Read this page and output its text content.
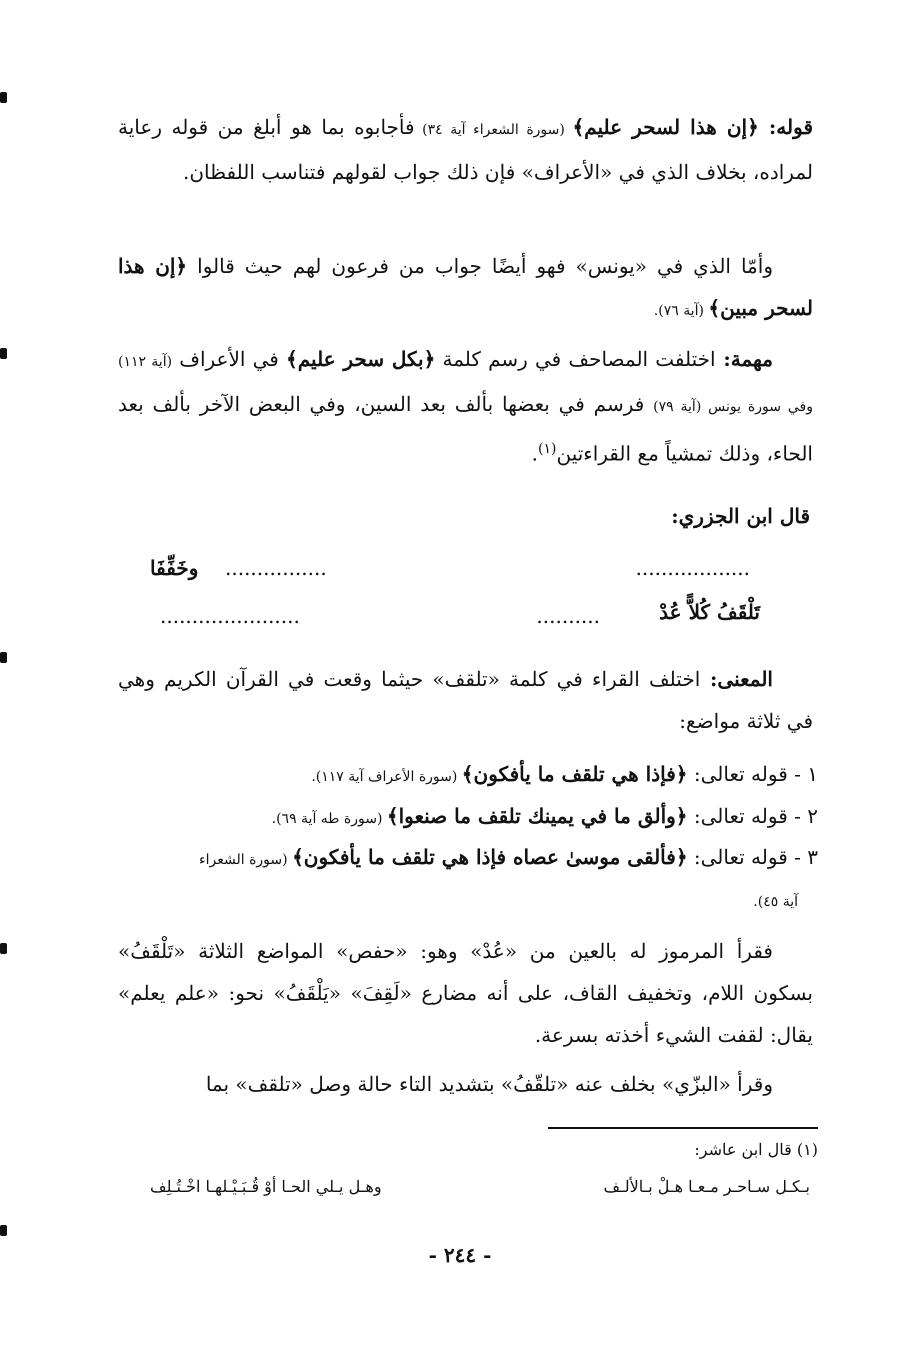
قوله: ﴿إن هذا لسحر عليم﴾ (سورة الشعراء آية ٣٤) فأجابوه بما هو أبلغ من قوله رعاية لمراده، بخلاف الذي في «الأعراف» فإن ذلك جواب لقولهم فتناسب اللفظان.

وأمّا الذي في «يونس» فهو أيضًا جواب من فرعون لهم حيث قالوا ﴿إن هذا لسحر مبين﴾ (آية ٧٦).

مهمة: اختلفت المصاحف في رسم كلمة ﴿بكل سحر عليم﴾ في الأعراف (آية ١١٢) وفي سورة يونس (آية ٧٩) فرسم في بعضها بألف بعد السين، وفي البعض الآخر بألف بعد الحاء، وذلك تمشياً مع القراءتين$^{(١)}$.

قال ابن الجزري:

..................
................
وخَفِّفَا
تَلْقَفُ كُلاًّ عُدْ
..........
......................

المعنى: اختلف القراء في كلمة «تلقف» حيثما وقعت في القرآن الكريم وهي في ثلاثة مواضع:

١ - قوله تعالى: ﴿فإذا هي تلقف ما يأفكون﴾ (سورة الأعراف آية ١١٧).
٢ - قوله تعالى: ﴿وألق ما في يمينك تلقف ما صنعوا﴾ (سورة طه آية ٦٩).
٣ - قوله تعالى: ﴿فألقى موسىٰ عصاه فإذا هي تلقف ما يأفكون﴾ (سورة الشعراء
آية ٤٥).

فقرأ المرموز له بالعين من «عُدْ» وهو: «حفص» المواضع الثلاثة «تَلْقَفُ» بسكون اللام، وتخفيف القاف، على أنه مضارع «لَقِفَ» «يَلْقَفُ» نحو: «علم يعلم» يقال: لقفت الشيء أخذته بسرعة.

وقرأ «البزّي» بخلف عنه «تلقّفُ» بتشديد التاء حالة وصل «تلقف» بما

(١) قال ابن عاشر:
بـكـل سـاحـر مـعـا هـلْ بـالألـف
وهـل يـلي الحـا أوْ قُـبَـيْـلهـا اخْـتُـلِف
- ٢٤٤ -
